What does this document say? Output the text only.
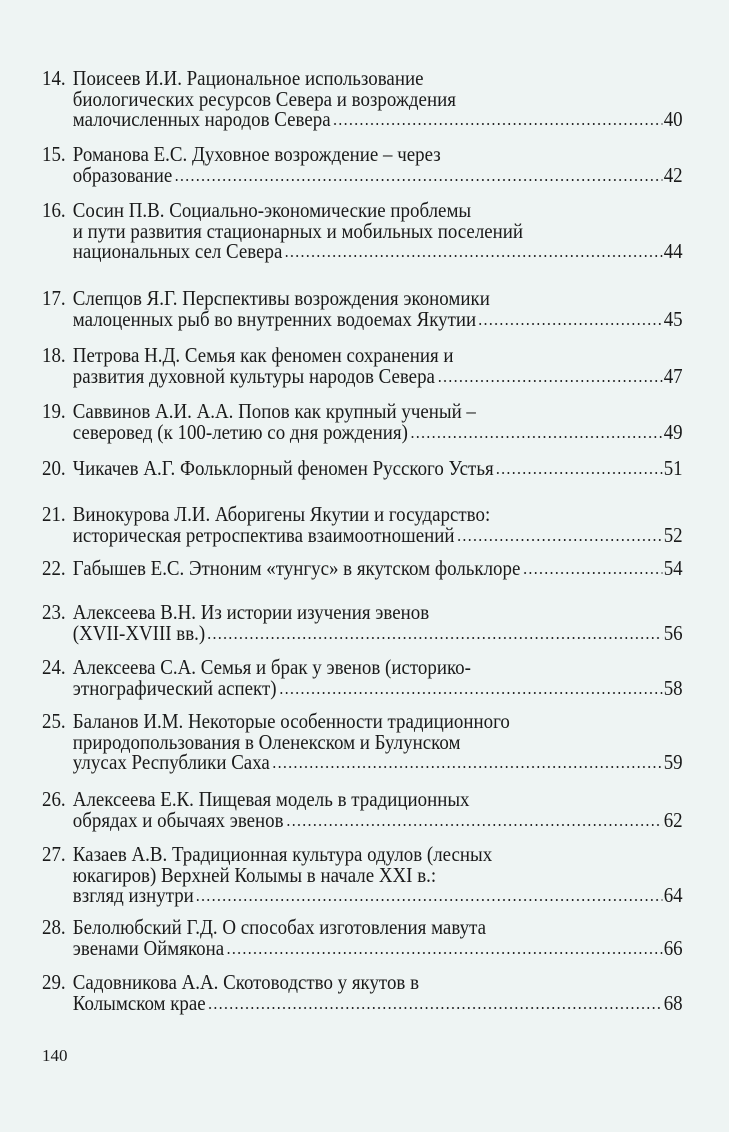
14. Поисеев И.И. Рациональное использование
биологических ресурсов Севера и возрождения
малочисленных народов Севера	40
15. Романова Е.С. Духовное возрождение – через
образование	42
16. Сосин П.В. Социально-экономические проблемы
и пути развития стационарных и мобильных поселений
национальных сел Севера	44
17. Слепцов Я.Г. Перспективы возрождения экономики
малоценных рыб во внутренних водоемах Якутии	45
18. Петрова Н.Д. Семья как феномен сохранения и
развития духовной культуры народов Севера	47
19. Саввинов А.И. А.А. Попов как крупный ученый –
северовед (к 100-летию со дня рождения)	49
20. Чикачев А.Г. Фольклорный феномен Русского Устья	51
21. Винокурова Л.И. Аборигены Якутии и государство:
историческая ретроспектива взаимоотношений	52
22. Габышев Е.С. Этноним «тунгус» в якутском фольклоре	54
23. Алексеева В.Н. Из истории изучения эвенов
(XVII-XVIII вв.)	56
24. Алексеева С.А. Семья и брак у эвенов (историко-
этнографический аспект)	58
25. Баланов И.М. Некоторые особенности традиционного
природопользования в Оленекском и Булунском
улусах Республики Саха	59
26. Алексеева Е.К. Пищевая модель в традиционных
обрядах и обычаях эвенов	62
27. Казаев А.В. Традиционная культура одулов (лесных
юкагиров) Верхней Колымы в начале XXI в.:
взгляд изнутри	64
28. Белолюбский Г.Д. О способах изготовления мавута
эвенами Оймякона	66
29. Садовникова А.А. Скотоводство у якутов в
Колымском крае	68
140
